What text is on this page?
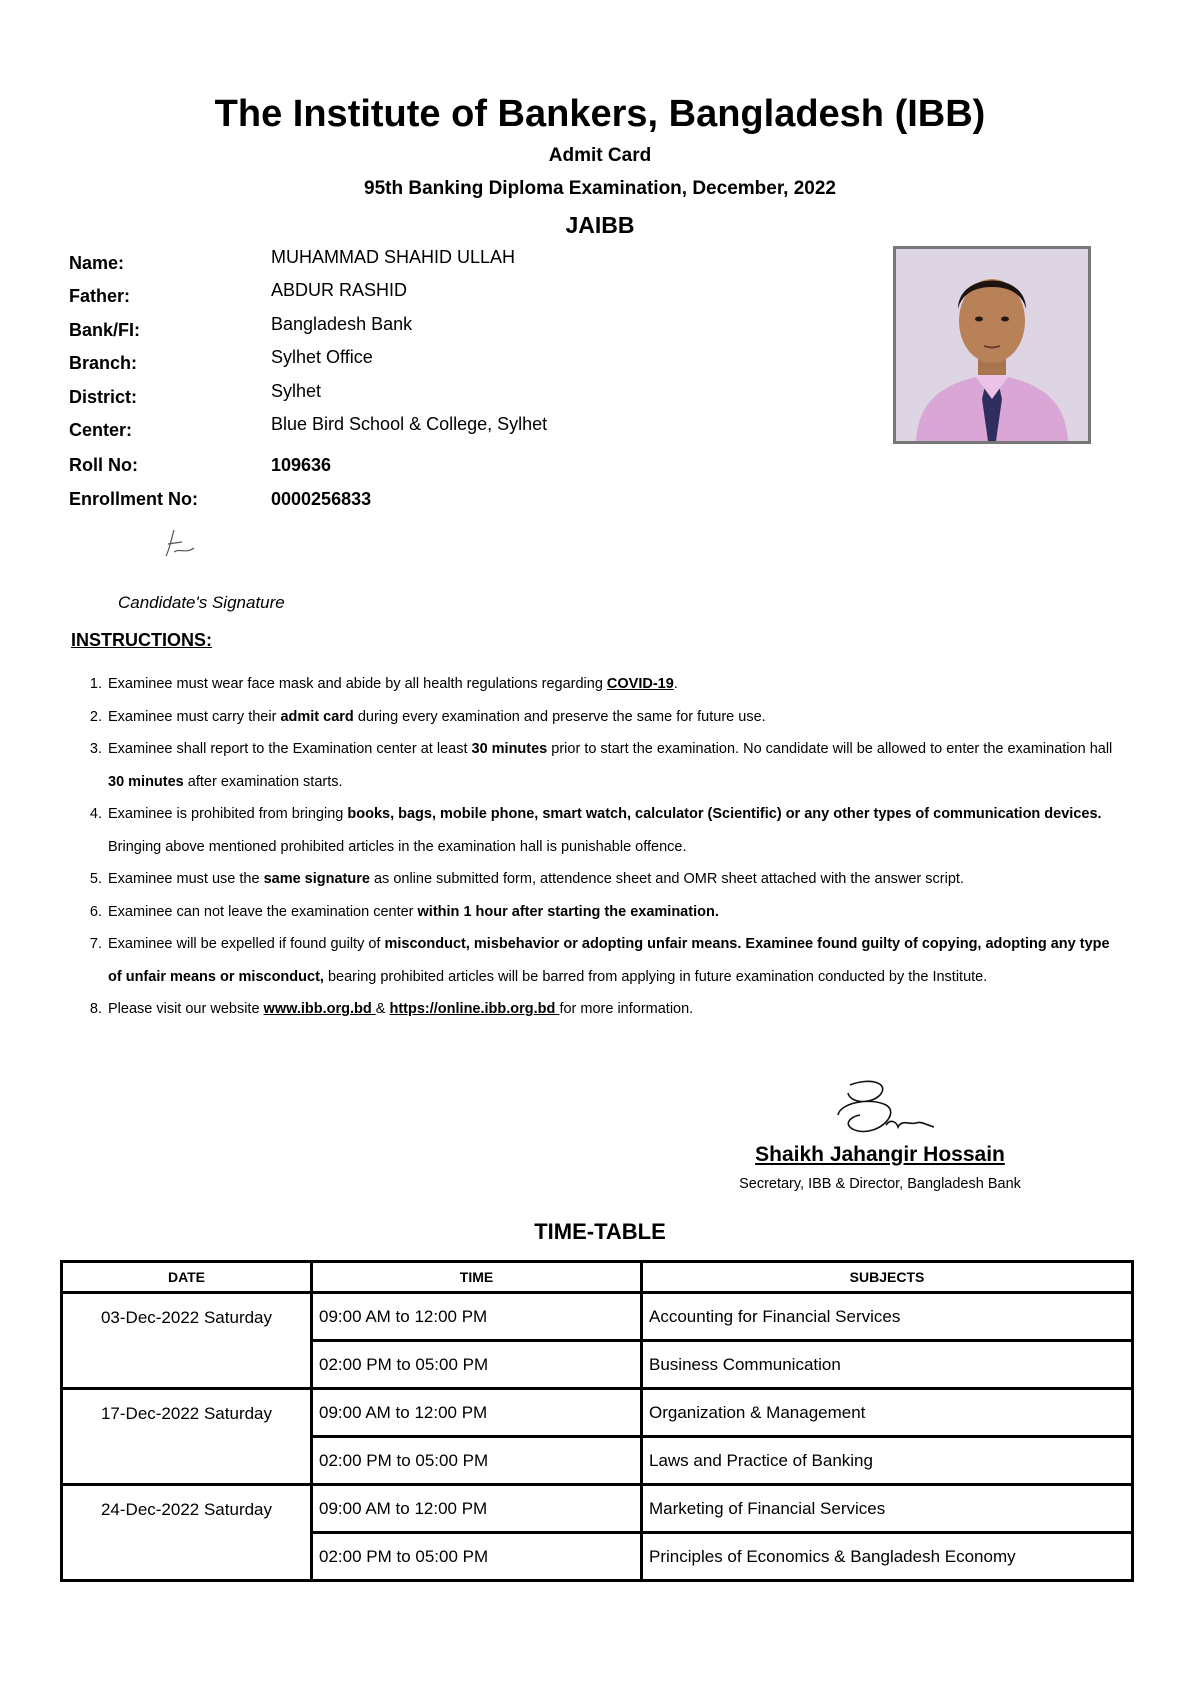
The Institute of Bankers, Bangladesh (IBB)
Admit Card
95th Banking Diploma Examination, December, 2022
JAIBB
Name:	MUHAMMAD SHAHID ULLAH
Father:	ABDUR RASHID
Bank/FI:	Bangladesh Bank
Branch:	Sylhet Office
District:	Sylhet
Center:	Blue Bird School & College, Sylhet
Roll No:	109636
Enrollment No:	0000256833
Candidate's Signature
INSTRUCTIONS:
1. Examinee must wear face mask and abide by all health regulations regarding COVID-19.
2. Examinee must carry their admit card during every examination and preserve the same for future use.
3. Examinee shall report to the Examination center at least 30 minutes prior to start the examination. No candidate will be allowed to enter the examination hall 30 minutes after examination starts.
4. Examinee is prohibited from bringing books, bags, mobile phone, smart watch, calculator (Scientific) or any other types of communication devices. Bringing above mentioned prohibited articles in the examination hall is punishable offence.
5. Examinee must use the same signature as online submitted form, attendence sheet and OMR sheet attached with the answer script.
6. Examinee can not leave the examination center within 1 hour after starting the examination.
7. Examinee will be expelled if found guilty of misconduct, misbehavior or adopting unfair means. Examinee found guilty of copying, adopting any type of unfair means or misconduct, bearing prohibited articles will be barred from applying in future examination conducted by the Institute.
8. Please visit our website www.ibb.org.bd & https://online.ibb.org.bd for more information.
Shaikh Jahangir Hossain
Secretary, IBB & Director, Bangladesh Bank
TIME-TABLE
DATE	TIME	SUBJECTS
03-Dec-2022 Saturday	09:00 AM to 12:00 PM	Accounting for Financial Services
	02:00 PM to 05:00 PM	Business Communication
17-Dec-2022 Saturday	09:00 AM to 12:00 PM	Organization & Management
	02:00 PM to 05:00 PM	Laws and Practice of Banking
24-Dec-2022 Saturday	09:00 AM to 12:00 PM	Marketing of Financial Services
	02:00 PM to 05:00 PM	Principles of Economics & Bangladesh Economy
